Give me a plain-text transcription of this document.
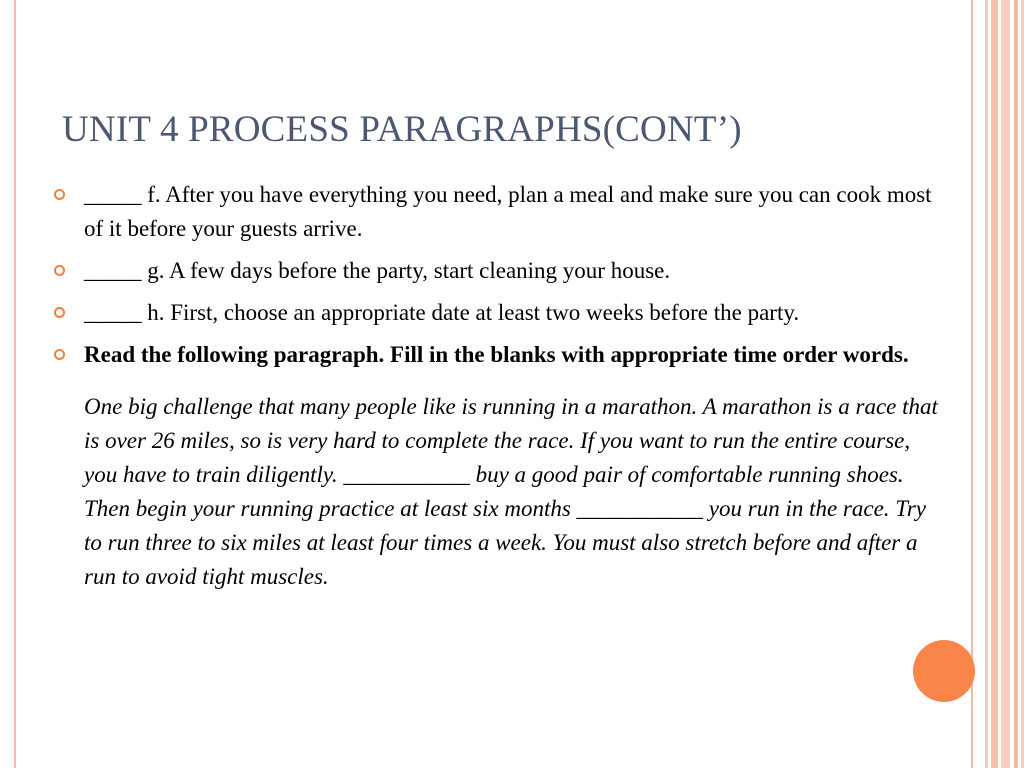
UNIT 4 PROCESS PARAGRAPHS(CONT’)
_____ f. After you have everything you need, plan a meal and make sure you can cook most of it before your guests arrive.
_____ g. A few days before the party, start cleaning your house.
_____ h. First, choose an appropriate date at least two weeks before the party.
Read the following paragraph. Fill in the blanks with appropriate time order words.
One big challenge that many people like is running in a marathon. A marathon is a race that is over 26 miles, so is very hard to complete the race. If you want to run the entire course, you have to train diligently. ___________ buy a good pair of comfortable running shoes. Then begin your running practice at least six months ___________ you run in the race. Try to run three to six miles at least four times a week. You must also stretch before and after a run to avoid tight muscles.
